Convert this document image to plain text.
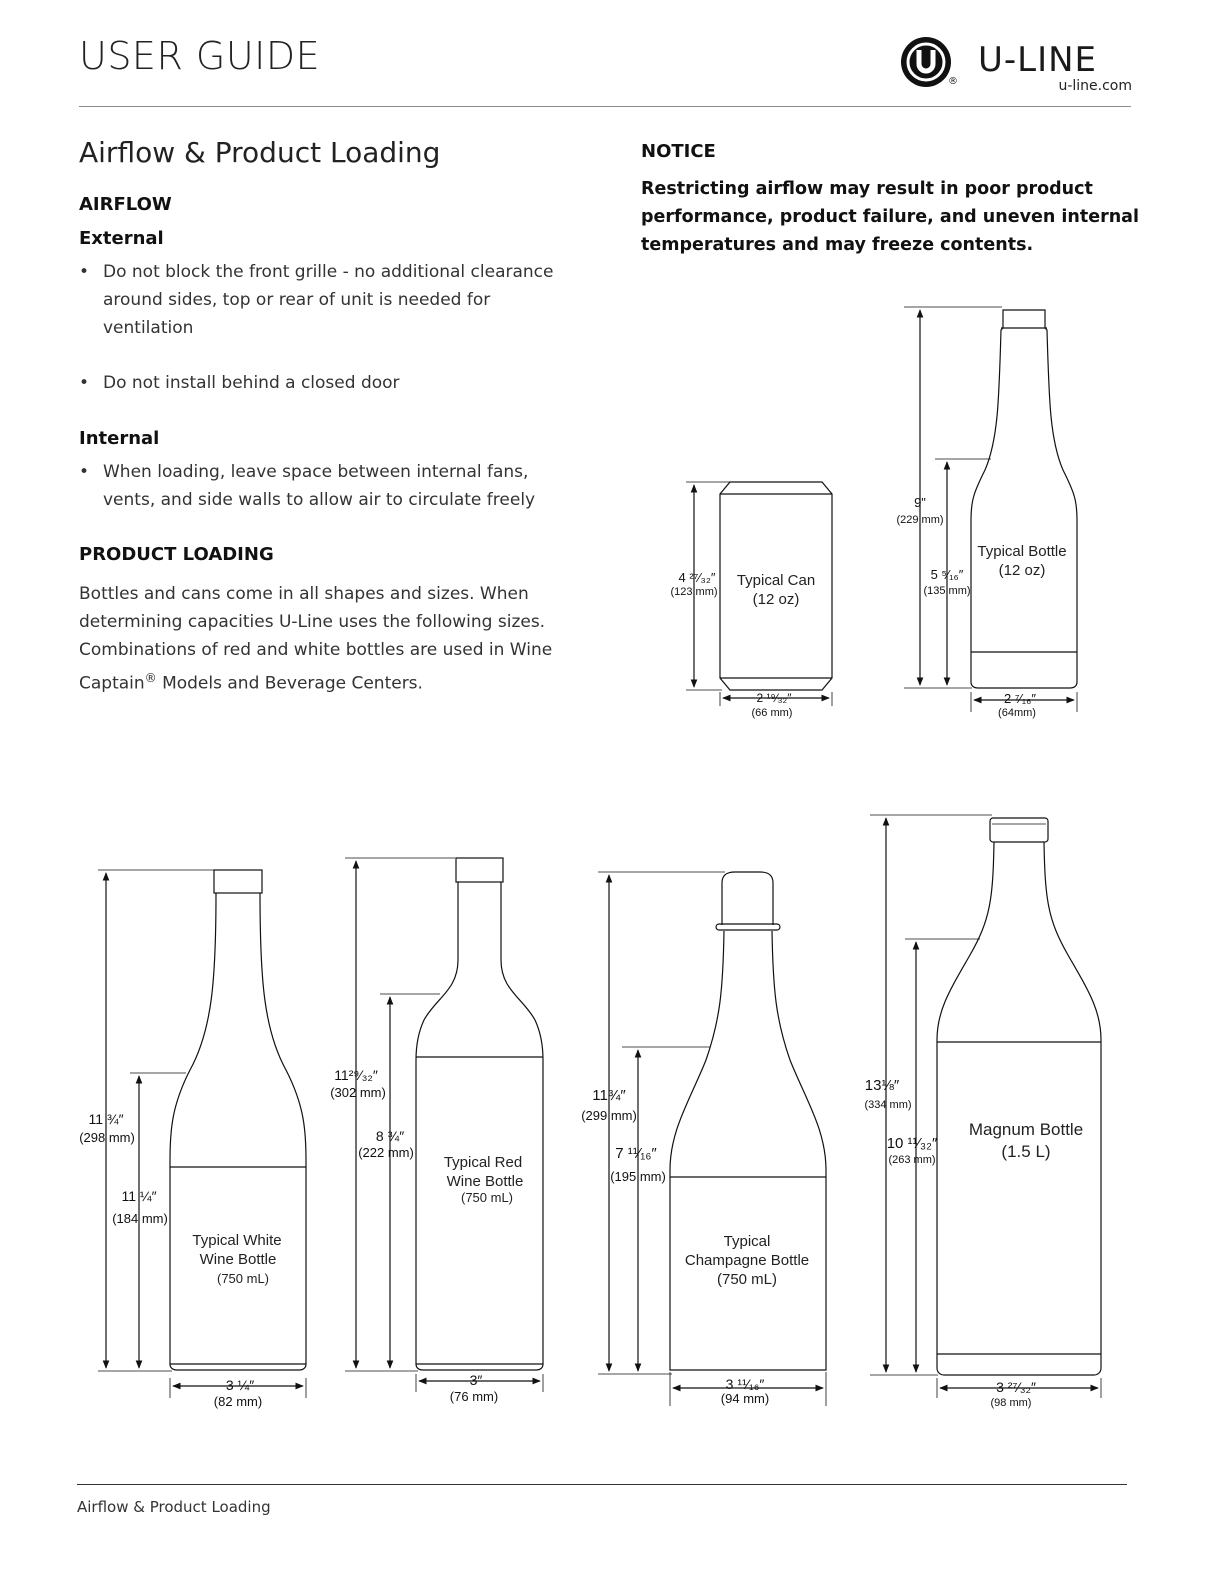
USER GUIDE
®
U-LINE
u-line.com
Airflow & Product Loading
AIRFLOW
External
• Do not block the front grille - no additional clearance around sides, top or rear of unit is needed for ventilation
• Do not install behind a closed door
Internal
• When loading, leave space between internal fans, vents, and side walls to allow air to circulate freely
PRODUCT LOADING
Bottles and cans come in all shapes and sizes. When determining capacities U-Line uses the following sizes. Combinations of red and white bottles are used in Wine Captain® Models and Beverage Centers.
NOTICE
Restricting airflow may result in poor product performance, product failure, and uneven internal temperatures and may freeze contents.
Typical Can
(12 oz)
4 ²⁷⁄₃₂″
(123 mm)
2 ¹⁹⁄₃₂″
(66 mm)
Typical Bottle
(12 oz)
9"
(229 mm)
5 ⁵⁄₁₆″
(135 mm)
2 ⁷⁄₁₆″
(64mm)
Typical White
Wine Bottle
(750 mL)
11 ¾″
(298 mm)
11 ¼″
(184 mm)
3 ¼″
(82 mm)
Typical Red
Wine Bottle
(750 mL)
11²⁹⁄₃₂″
(302 mm)
8 ¾″
(222 mm)
3″
(76 mm)
Typical
Champagne Bottle
(750 mL)
11¾″
(299 mm)
7 ¹¹⁄₁₆″
(195 mm)
3 ¹¹⁄₁₆″
(94 mm)
Magnum Bottle
(1.5 L)
13⅛″
(334 mm)
10 ¹¹⁄₃₂″
(263 mm)
3 ²⁷⁄₃₂″
(98 mm)
Airflow & Product Loading
